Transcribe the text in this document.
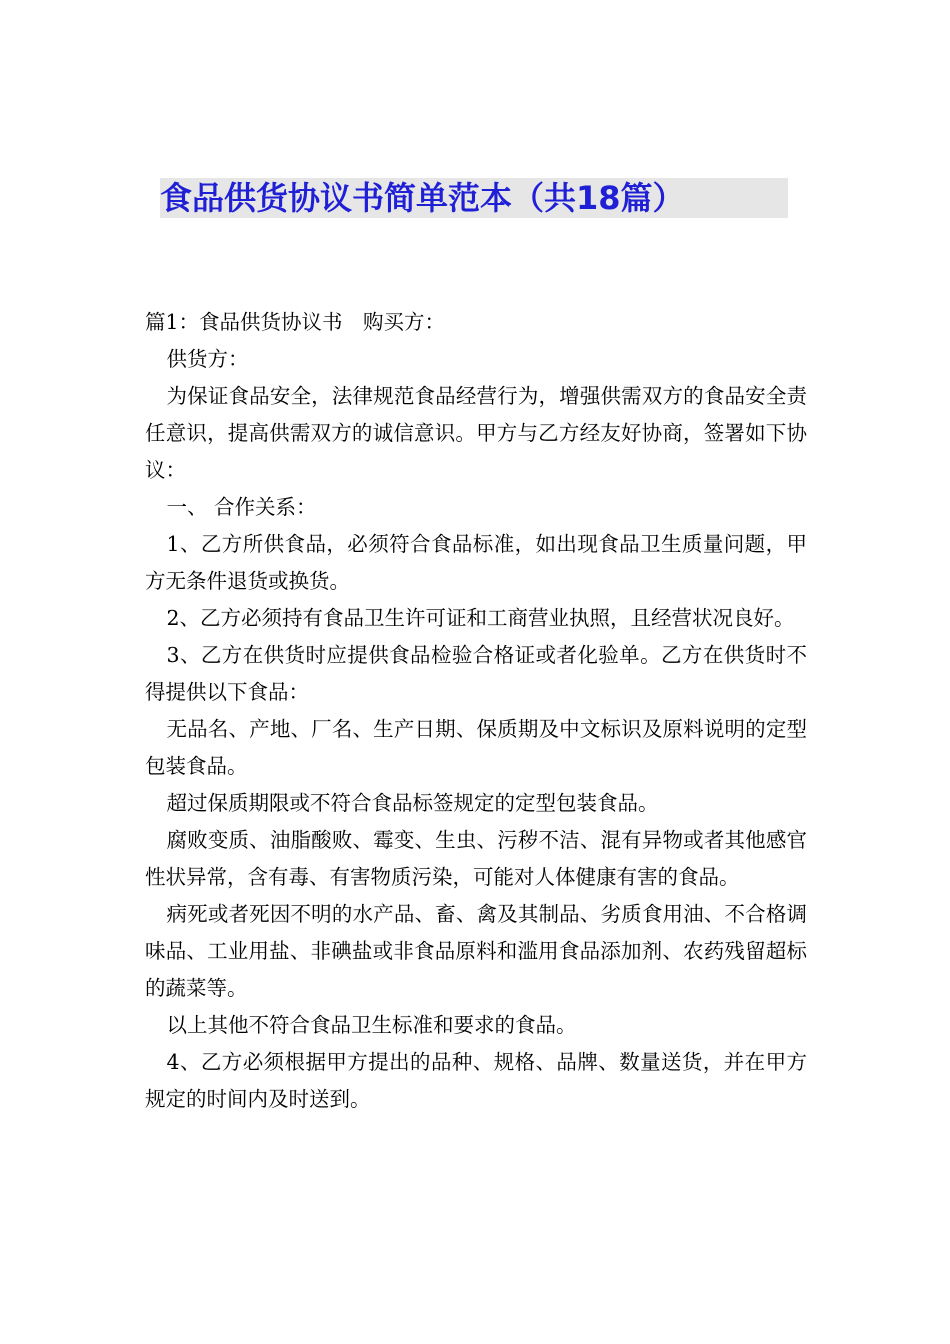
食品供货协议书简单范本（共18篇）

篇1：食品供货协议书　购买方：

供货方：

为保证食品安全，法律规范食品经营行为，增强供需双方的食品安全责任意识，提高供需双方的诚信意识。甲方与乙方经友好协商，签署如下协议：

一、 合作关系：

1、乙方所供食品，必须符合食品标准，如出现食品卫生质量问题，甲方无条件退货或换货。

2、乙方必须持有食品卫生许可证和工商营业执照，且经营状况良好。

3、乙方在供货时应提供食品检验合格证或者化验单。乙方在供货时不得提供以下食品：

无品名、产地、厂名、生产日期、保质期及中文标识及原料说明的定型包装食品。

超过保质期限或不符合食品标签规定的定型包装食品。

腐败变质、油脂酸败、霉变、生虫、污秽不洁、混有异物或者其他感官性状异常，含有毒、有害物质污染，可能对人体健康有害的食品。

病死或者死因不明的水产品、畜、禽及其制品、劣质食用油、不合格调味品、工业用盐、非碘盐或非食品原料和滥用食品添加剂、农药残留超标的蔬菜等。

以上其他不符合食品卫生标准和要求的食品。

4、乙方必须根据甲方提出的品种、规格、品牌、数量送货，并在甲方规定的时间内及时送到。
